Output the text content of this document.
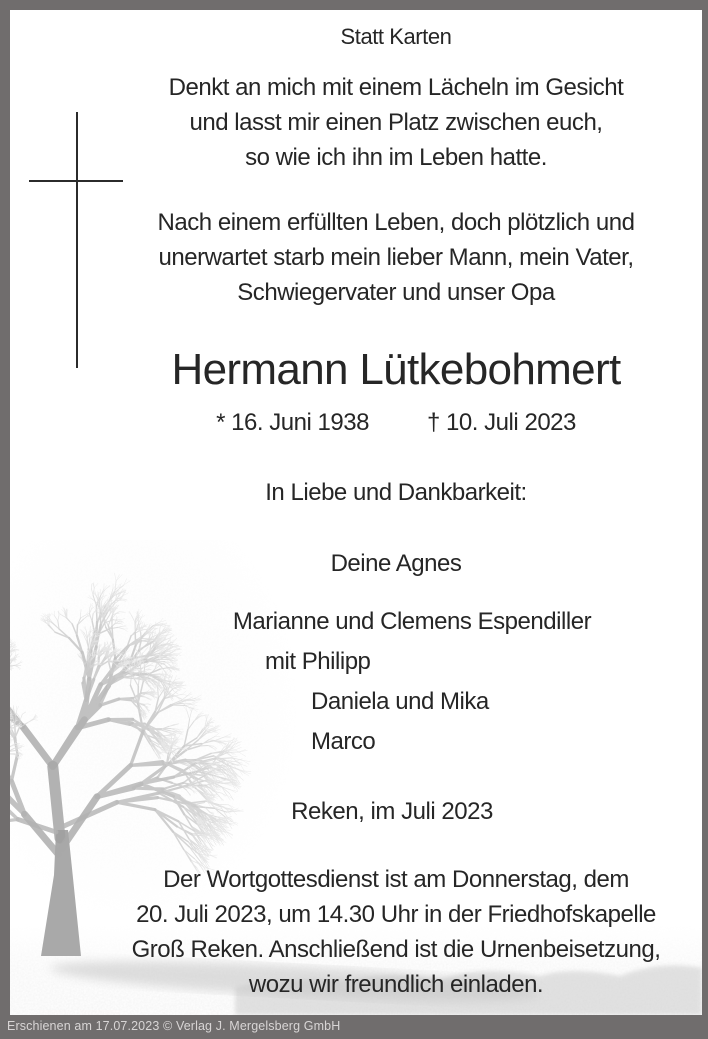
Statt Karten
Denkt an mich mit einem Lächeln im Gesicht
und lasst mir einen Platz zwischen euch,
so wie ich ihn im Leben hatte.
Nach einem erfüllten Leben, doch plötzlich und
unerwartet starb mein lieber Mann, mein Vater,
Schwiegervater und unser Opa
Hermann Lütkebohmert
* 16. Juni 1938 † 10. Juli 2023
In Liebe und Dankbarkeit:
Deine Agnes
Marianne und Clemens Espendiller
mit Philipp
Daniela und Mika
Marco
Reken, im Juli 2023
Der Wortgottesdienst ist am Donnerstag, dem
20. Juli 2023, um 14.30 Uhr in der Friedhofskapelle
Groß Reken. Anschließend ist die Urnenbeisetzung,
wozu wir freundlich einladen.
Erschienen am 17.07.2023 © Verlag J. Mergelsberg GmbH
